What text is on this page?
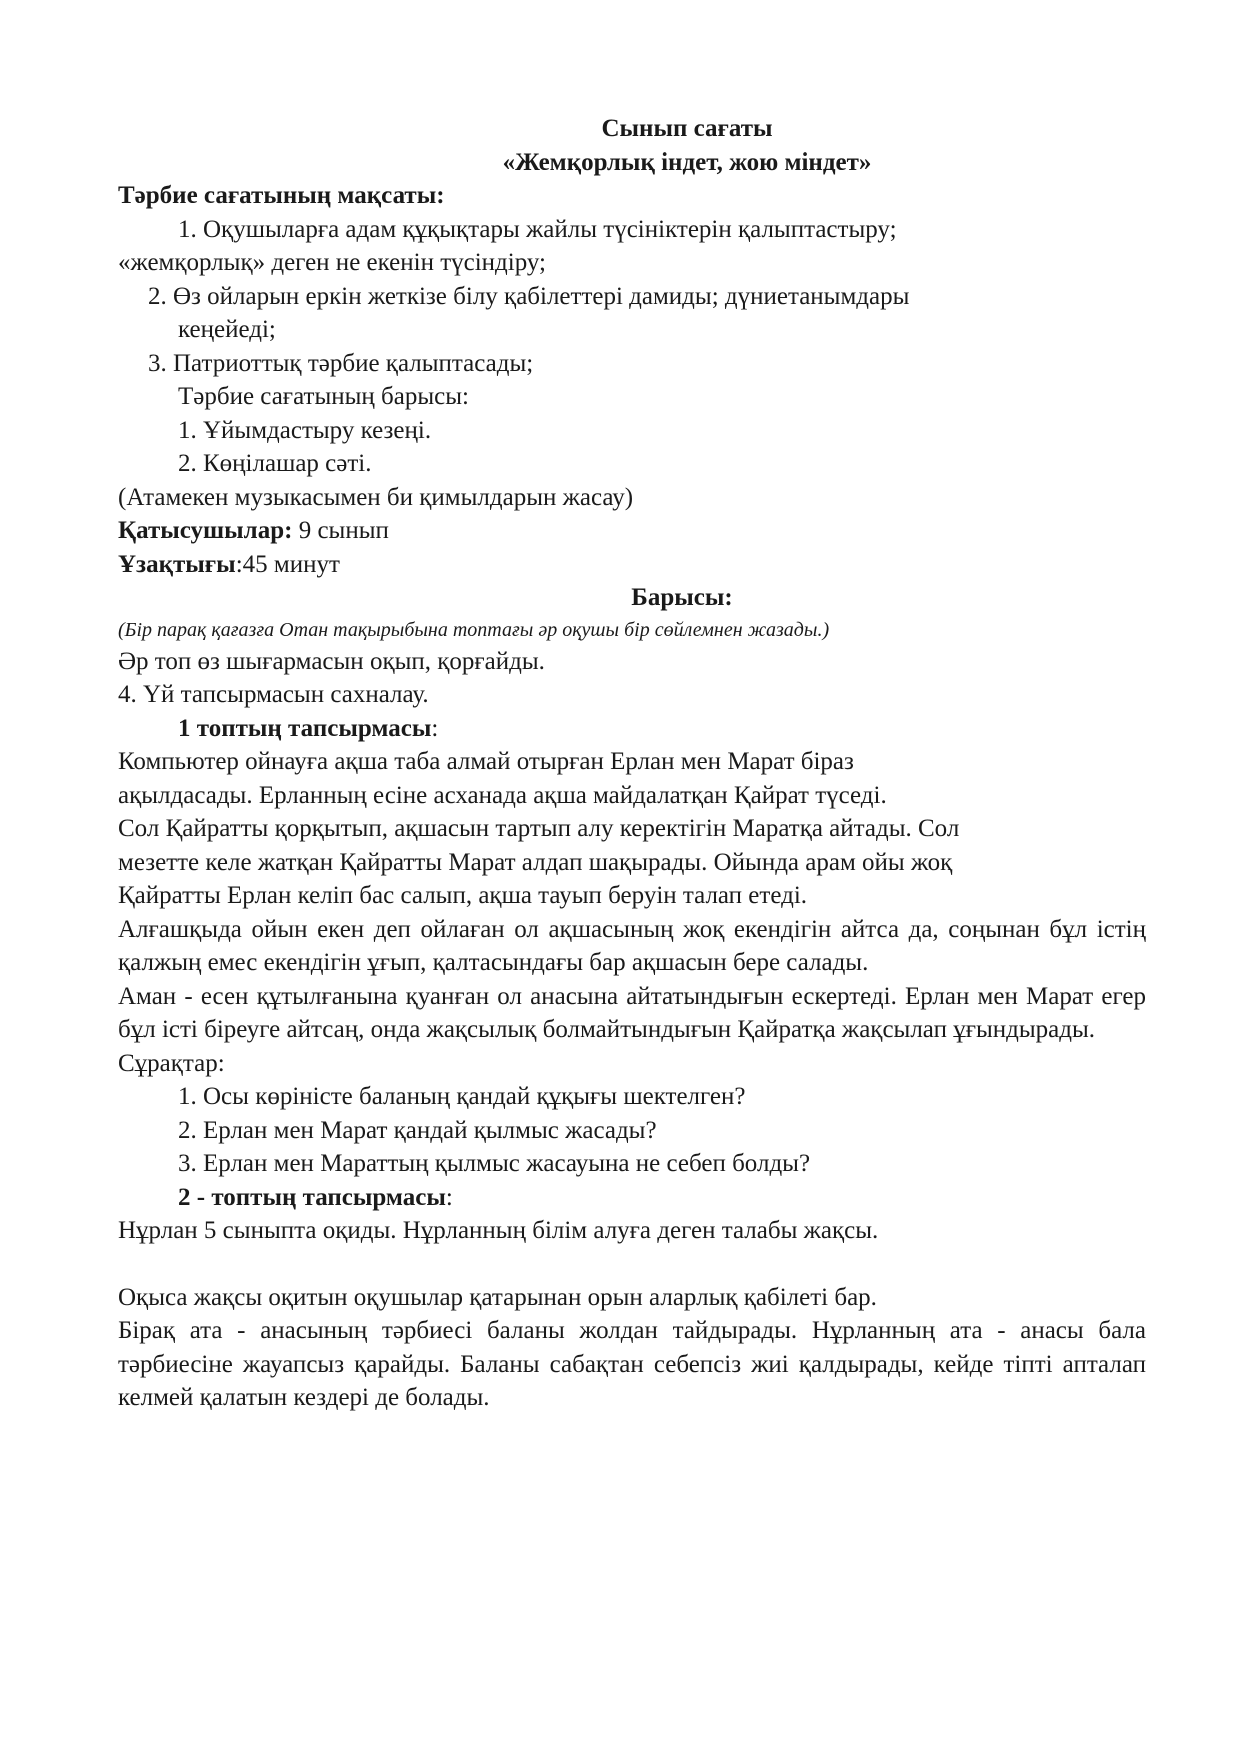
Сынып сағаты
«Жемқорлық індет, жою міндет»
Тәрбие сағатының мақсаты:
1. Оқушыларға адам құқықтары жайлы түсініктерін қалыптастыру;
«жемқорлық» деген не екенін түсіндіру;
2. Өз ойларын еркін жеткізе білу қабілеттері дамиды; дүниетанымдары
кеңейеді;
3. Патриоттық тәрбие қалыптасады;
Тәрбие сағатының барысы:
1. Ұйымдастыру кезеңі.
2. Көңілашар сәті.
(Атамекен музыкасымен би қимылдарын жасау)
Қатысушылар: 9 сынып
Ұзақтығы:45 минут
Барысы:
(Бір парақ қағазға Отан тақырыбына топтағы әр оқушы бір сөйлемнен жазады.)
Әр топ өз шығармасын оқып, қорғайды.
4. Үй тапсырмасын сахналау.
1 топтың тапсырмасы:
Компьютер ойнауға ақша таба алмай отырған Ерлан мен Марат біраз
ақылдасады. Ерланның есіне асханада ақша майдалатқан Қайрат түседі.
Сол Қайратты қорқытып, ақшасын тартып алу керектігін Маратқа айтады. Сол
мезетте келе жатқан Қайратты Марат алдап шақырады. Ойында арам ойы жоқ
Қайратты Ерлан келіп бас салып, ақша тауып беруін талап етеді.
Алғашқыда ойын екен деп ойлаған ол ақшасының жоқ екендігін айтса да, соңынан бұл істің қалжың емес екендігін ұғып, қалтасындағы бар ақшасын бере салады.
Аман - есен құтылғанына қуанған ол анасына айтатындығын ескертеді. Ерлан мен Марат егер бұл істі біреуге айтсаң, онда жақсылық болмайтындығын Қайратқа жақсылап ұғындырады.
Сұрақтар:
1. Осы көріністе баланың қандай құқығы шектелген?
2. Ерлан мен Марат қандай қылмыс жасады?
3. Ерлан мен Мараттың қылмыс жасауына не себеп болды?
2 - топтың тапсырмасы:
Нұрлан 5 сыныпта оқиды. Нұрланның білім алуға деген талабы жақсы.
Оқыса жақсы оқитын оқушылар қатарынан орын аларлық қабілеті бар.
Бірақ ата - анасының тәрбиесі баланы жолдан тайдырады. Нұрланның ата - анасы бала тәрбиесіне жауапсыз қарайды. Баланы сабақтан себепсіз жиі қалдырады, кейде тіпті апталап келмей қалатын кездері де болады.
